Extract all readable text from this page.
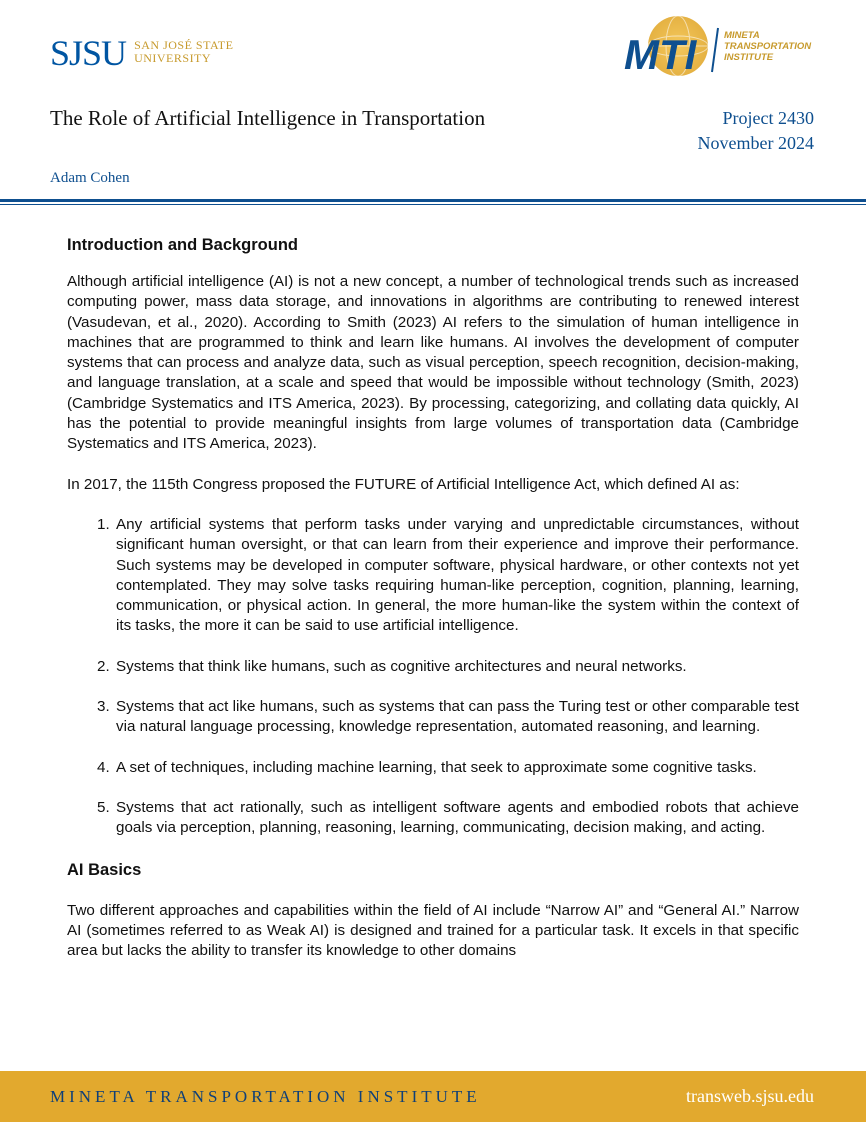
SJSU SAN JOSÉ STATE
UNIVERSITY	MTI	MINETA
TRANSPORTATION
INSTITUTE
The Role of Artificial Intelligence in Transportation	Project 2430
November 2024
Adam Cohen
Introduction and Background

Although artificial intelligence (AI) is not a new concept, a number of technological trends such as increased computing power, mass data storage, and innovations in algorithms are contributing to renewed interest (Vasudevan, et al., 2020). According to Smith (2023) AI refers to the simulation of human intelligence in machines that are programmed to think and learn like humans. AI involves the development of computer systems that can process and analyze data, such as visual perception, speech recognition, decision-making, and language translation, at a scale and speed that would be impossible without technology (Smith, 2023) (Cambridge Systematics and ITS America, 2023). By processing, categorizing, and collating data quickly, AI has the potential to provide meaningful insights from large volumes of transportation data (Cambridge Systematics and ITS America, 2023).

In 2017, the 115th Congress proposed the FUTURE of Artificial Intelligence Act, which defined AI as:

1. Any artificial systems that perform tasks under varying and unpredictable circumstances, without significant human oversight, or that can learn from their experience and improve their performance. Such systems may be developed in computer software, physical hardware, or other contexts not yet contemplated. They may solve tasks requiring human-like perception, cognition, planning, learning, communication, or physical action. In general, the more human-like the system within the context of its tasks, the more it can be said to use artificial intelligence.
2. Systems that think like humans, such as cognitive architectures and neural networks.
3. Systems that act like humans, such as systems that can pass the Turing test or other comparable test via natural language processing, knowledge representation, automated reasoning, and learning.
4. A set of techniques, including machine learning, that seek to approximate some cognitive tasks.
5. Systems that act rationally, such as intelligent software agents and embodied robots that achieve goals via perception, planning, reasoning, learning, communicating, decision making, and acting.
AI Basics

Two different approaches and capabilities within the field of AI include “Narrow AI” and “General AI.” Narrow AI (sometimes referred to as Weak AI) is designed and trained for a particular task. It excels in that specific area but lacks the ability to transfer its knowledge to other domains

MINETA TRANSPORTATION INSTITUTE	transweb.sjsu.edu
